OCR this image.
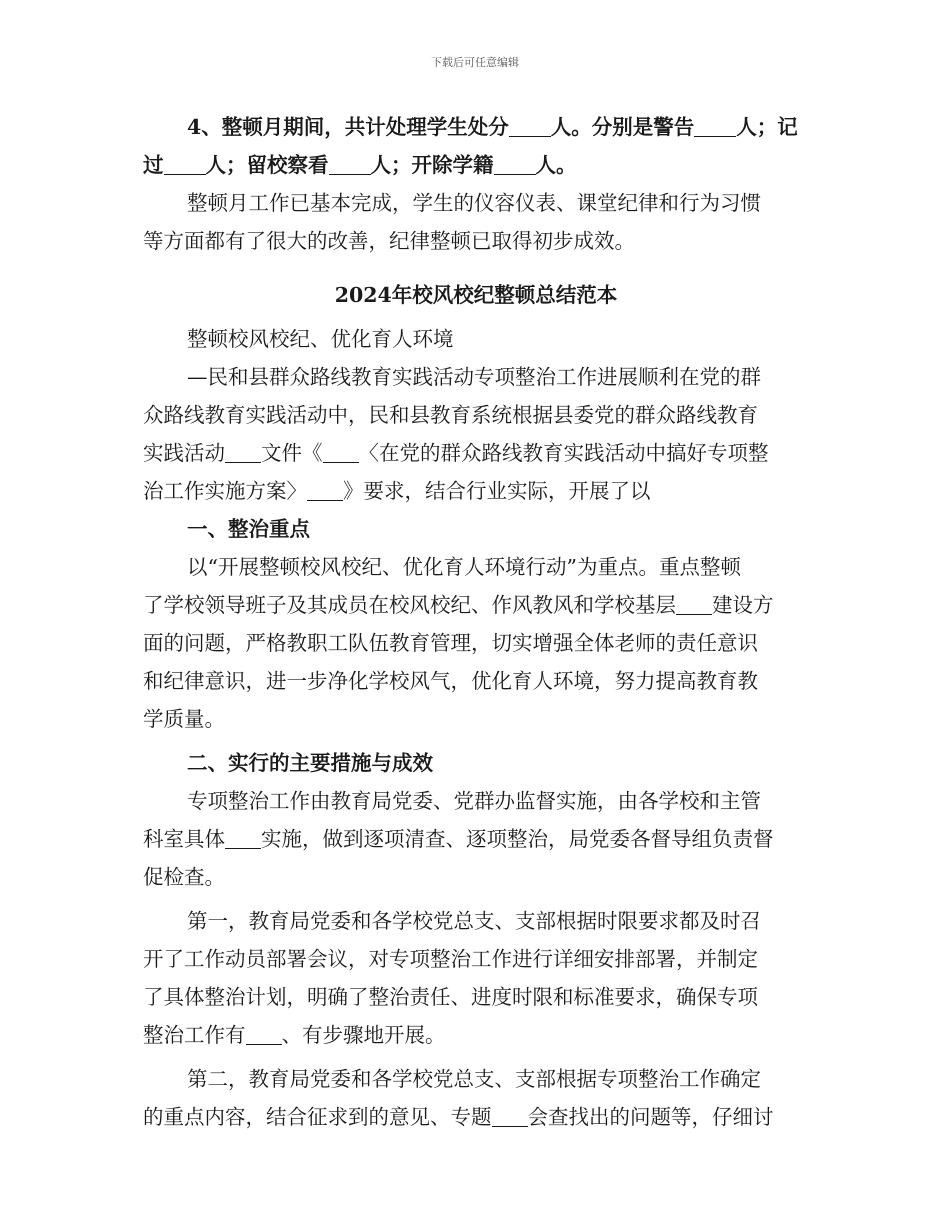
下载后可任意编辑
4、整顿月期间，共计处理学生处分 人。分别是警告 人；记
过 人；留校察看 人；开除学籍 人。
整顿月工作已基本完成，学生的仪容仪表、课堂纪律和行为习惯
等方面都有了很大的改善，纪律整顿已取得初步成效。
2024年校风校纪整顿总结范本
整顿校风校纪、优化育人环境
—民和县群众路线教育实践活动专项整治工作进展顺利在党的群
众路线教育实践活动中，民和县教育系统根据县委党的群众路线教育
实践活动 文件《 〈在党的群众路线教育实践活动中搞好专项整
治工作实施方案〉 》要求，结合行业实际，开展了以
一、整治重点
以“开展整顿校风校纪、优化育人环境行动”为重点。重点整顿
了学校领导班子及其成员在校风校纪、作风教风和学校基层 建设方
面的问题，严格教职工队伍教育管理，切实增强全体老师的责任意识
和纪律意识，进一步净化学校风气，优化育人环境，努力提高教育教
学质量。
二、实行的主要措施与成效
专项整治工作由教育局党委、党群办监督实施，由各学校和主管
科室具体 实施，做到逐项清查、逐项整治，局党委各督导组负责督
促检查。
第一，教育局党委和各学校党总支、支部根据时限要求都及时召
开了工作动员部署会议，对专项整治工作进行详细安排部署，并制定
了具体整治计划，明确了整治责任、进度时限和标准要求，确保专项
整治工作有 、有步骤地开展。
第二，教育局党委和各学校党总支、支部根据专项整治工作确定
的重点内容，结合征求到的意见、专题 会查找出的问题等，仔细讨
